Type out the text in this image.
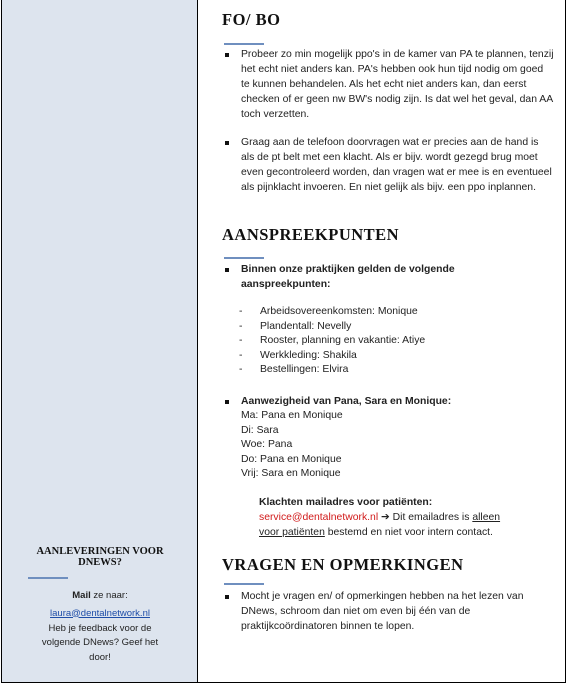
AANLEVERINGEN VOOR DNEWS?
Mail ze naar:
laura@dentalnetwork.nl
Heb je feedback voor de volgende DNews? Geef het door!
FO/ BO
Probeer zo min mogelijk ppo's in de kamer van PA te plannen, tenzij het echt niet anders kan. PA's hebben ook hun tijd nodig om goed te kunnen behandelen. Als het echt niet anders kan, dan eerst checken of er geen nw BW's nodig zijn. Is dat wel het geval, dan AA toch verzetten.
Graag aan de telefoon doorvragen wat er precies aan de hand is als de pt belt met een klacht. Als er bijv. wordt gezegd brug moet even gecontroleerd worden, dan vragen wat er mee is en eventueel als pijnklacht invoeren. En niet gelijk als bijv. een ppo inplannen.
AANSPREEKPUNTEN
Binnen onze praktijken gelden de volgende aanspreekpunten:
- Arbeidsovereenkomsten: Monique
- Plandentall: Nevelly
- Rooster, planning en vakantie: Atiye
- Werkkleding: Shakila
- Bestellingen: Elvira
Aanwezigheid van Pana, Sara en Monique:
Ma: Pana en Monique
Di: Sara
Woe: Pana
Do: Pana en Monique
Vrij: Sara en Monique
Klachten mailadres voor patiënten:
service@dentalnetwork.nl ➔ Dit emailadres is alleen
voor patiënten bestemd en niet voor intern contact.
VRAGEN EN OPMERKINGEN
Mocht je vragen en/ of opmerkingen hebben na het lezen van DNews, schroom dan niet om even bij één van de praktijkcoördinatoren binnen te lopen.
